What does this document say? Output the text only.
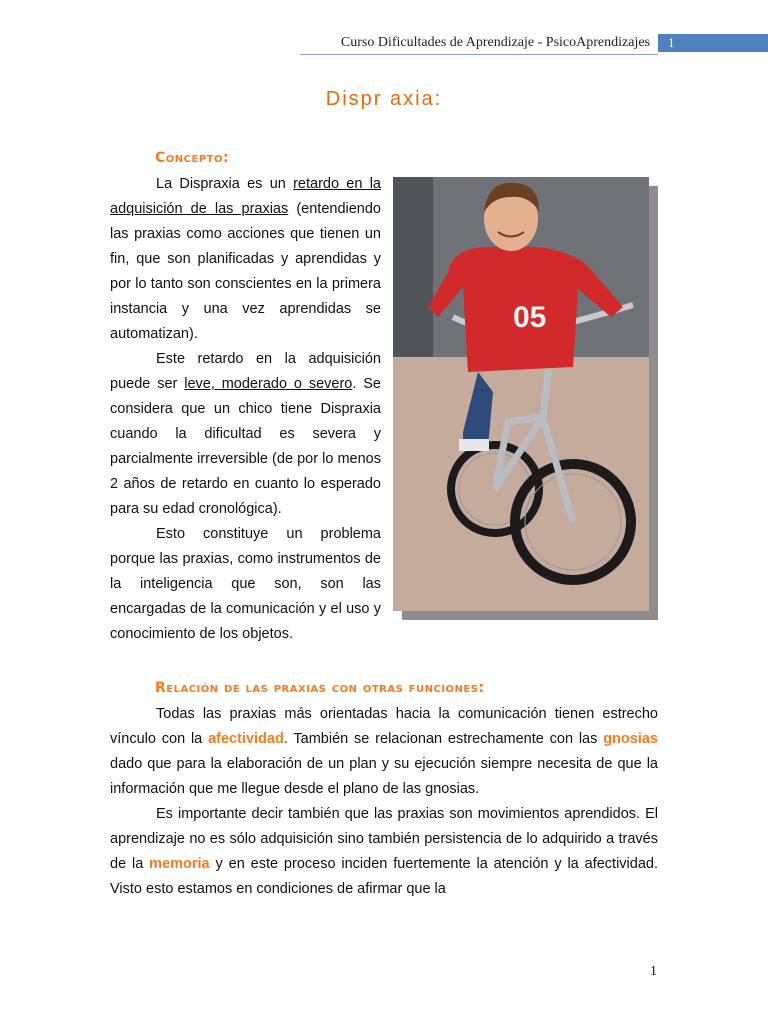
Curso Dificultades de Aprendizaje - PsicoAprendizajes	1
Dispr axia:
Concepto:

La Dispraxia es un retardo en la adquisición de las praxias (entendiendo las praxias como acciones que tienen un fin, que son planificadas y aprendidas y por lo tanto son conscientes en la primera instancia y una vez aprendidas se automatizan).

Este retardo en la adquisición puede ser leve, moderado o severo. Se considera que un chico tiene Dispraxia cuando la dificultad es severa y parcialmente irreversible (de por lo menos 2 años de retardo en cuanto lo esperado para su edad cronológica).

Esto constituye un problema porque las praxias, como instrumentos de la inteligencia que son, son las encargadas de la comunicación y el uso y conocimiento de los objetos.

05
Relación de las praxias con otras funciones:

Todas las praxias más orientadas hacia la comunicación tienen estrecho vínculo con la afectividad. También se relacionan estrechamente con las gnosias dado que para la elaboración de un plan y su ejecución siempre necesita de que la información que me llegue desde el plano de las gnosias.

Es importante decir también que las praxias son movimientos aprendidos. El aprendizaje no es sólo adquisición sino también persistencia de lo adquirido a través de la memoria y en este proceso inciden fuertemente la atención y la afectividad. Visto esto estamos en condiciones de afirmar que la

1
